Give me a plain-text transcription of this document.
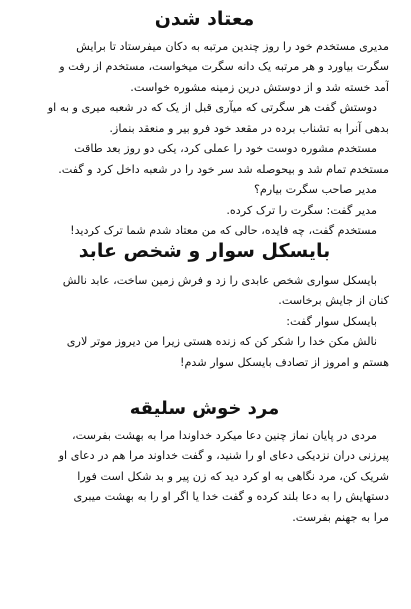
معتاد شدن

مدیری مستخدم خود را روز چندین مرتبه به دکان میفرستاد تا برایش
سگرت بیاورد و هر مرتبه یک دانه سگرت میخواست، مستخدم از رفت و
آمد خسته شد و از دوستش درین زمینه مشوره خواست.
دوستش گفت هر سگرتی که میآری قبل از یک که در شعبه میری و به او
بدهی آنرا به تشناب برده در مقعد خود فرو بیر و منعقد بنماز.
مستخدم مشوره دوست خود را عملی کرد، یکی دو روز بعد طاقت
مستخدم تمام شد و بیحوصله شد سر خود را در شعبه داخل کرد و گفت.
مدیر صاحب سگرت بیارم؟
مدیر گفت: سگرت را ترک کرده.
مستخدم گفت، چه فایده، حالی که من معتاد شدم شما ترک کردید!

بایسکل سوار و شخص عابد

بایسکل سواری شخص عابدی را زد و فرش زمین ساخت، عابد نالش
کنان از جایش برخاست.
بایسکل سوار گفت:
نالش مکن خدا را شکر کن که زنده هستی زیرا من دیروز موتر لاری
هستم و امروز از تصادف بایسکل سوار شدم!

مرد خوش سلیقه

مردی در پایان نماز چنین دعا میکرد خداوندا مرا به بهشت بفرست،
پیرزنی دران نزدیکی دعای او را شنید، و گفت خداوند مرا هم در دعای او
شریک کن، مرد نگاهی به او کرد دید که زن پیر و بد شکل است فورا
دستهایش را به دعا بلند کرده و گفت خدا یا اگر او را به بهشت میبری
مرا به جهنم بفرست.
